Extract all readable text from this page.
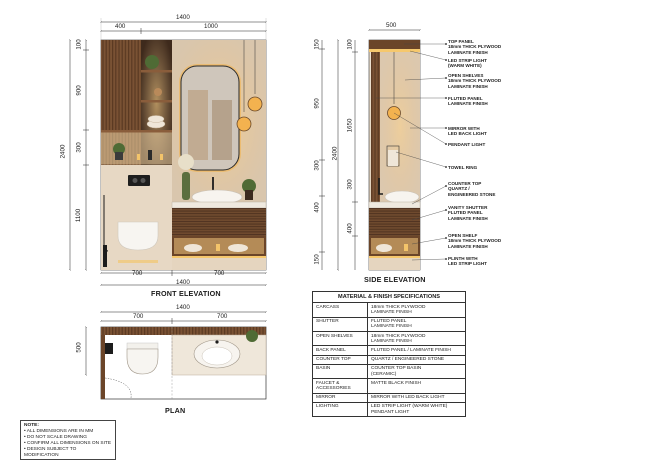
1400
400	1000
2400
100
900
300
1100
700	700
1400
FRONT ELEVATION
500
150
950
300
400
150
100
1650
2400
300
400
SIDE ELEVATION
TOP PANEL
18mm THICK PLYWOOD
LAMINATE FINISH
LED STRIP LIGHT
(WARM WHITE)
OPEN SHELVES
18mm THICK PLYWOOD
LAMINATE FINISH
FLUTED PANEL
LAMINATE FINISH
MIRROR WITH
LED BACK LIGHT
PENDANT LIGHT
TOWEL RING
COUNTER TOP
QUARTZ /
ENGINEERED STONE
VANITY SHUTTER
FLUTED PANEL
LAMINATE FINISH
OPEN SHELF
18mm THICK PLYWOOD
LAMINATE FINISH
PLINTH WITH
LED STRIP LIGHT
1400
700	700
500
PLAN
MATERIAL & FINISH SPECIFICATIONS	
CARCASS	18mm THICK PLYWOOD
LAMINATE FINISH
SHUTTER	FLUTED PANEL
LAMINATE FINISH
OPEN SHELVES	18mm THICK PLYWOOD
LAMINATE FINISH
BACK PANEL	FLUTED PANEL / LAMINATE FINISH
COUNTER TOP	QUARTZ / ENGINEERED STONE
BASIN	COUNTER TOP BASIN
(CERAMIC)
FAUCET &
ACCESSORIES	MATTE BLACK FINISH
MIRROR	MIRROR WITH LED BACK LIGHT
LIGHTING	LED STRIP LIGHT (WARM WHITE)
PENDANT LIGHT
NOTE:
• ALL DIMENSIONS ARE IN MM
• DO NOT SCALE DRAWING
• CONFIRM ALL DIMENSIONS ON SITE
• DESIGN SUBJECT TO MODIFICATION
